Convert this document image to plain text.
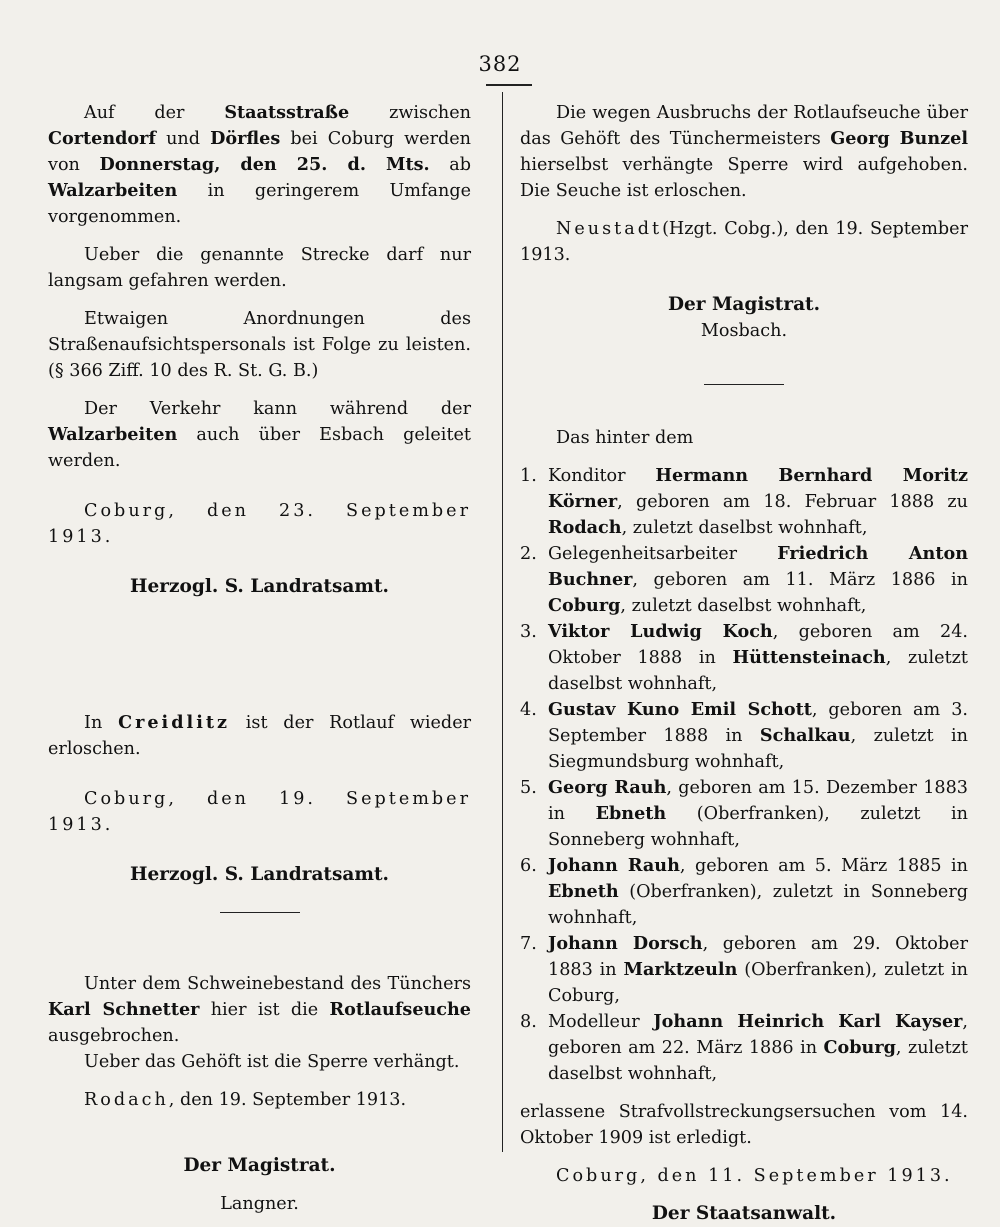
382

Auf der Staatsstraße zwischen Cortendorf und Dörfles bei Coburg werden von Donnerstag, den 25. d. Mts. ab Walzarbeiten in geringerem Umfange vorgenommen.

Ueber die genannte Strecke darf nur langsam gefahren werden.

Etwaigen Anordnungen des Straßenaufsichtspersonals ist Folge zu leisten. (§ 366 Ziff. 10 des R. St. G. B.)

Der Verkehr kann während der Walzarbeiten auch über Esbach geleitet werden.

Coburg, den 23. September 1913.

Herzogl. S. Landratsamt.

In Creidlitz ist der Rotlauf wieder erloschen.

Coburg, den 19. September 1913.

Herzogl. S. Landratsamt.

Unter dem Schweinebestand des Tünchers Karl Schnetter hier ist die Rotlaufseuche ausgebrochen.

Ueber das Gehöft ist die Sperre verhängt.

Rodach, den 19. September 1913.

Der Magistrat.

Langner.

Die wegen Ausbruchs der Rotlaufseuche über das Gehöft des Tünchermeisters Georg Bunzel hierselbst verhängte Sperre wird aufgehoben. Die Seuche ist erloschen.

Neustadt(Hzgt. Cobg.), den 19. September 1913.

Der Magistrat.

Mosbach.

Das hinter dem

1. Konditor Hermann Bernhard Moritz Körner, geboren am 18. Februar 1888 zu Rodach, zuletzt daselbst wohnhaft,
2. Gelegenheitsarbeiter Friedrich Anton Buchner, geboren am 11. März 1886 in Coburg, zuletzt daselbst wohnhaft,
3. Viktor Ludwig Koch, geboren am 24. Oktober 1888 in Hüttensteinach, zuletzt daselbst wohnhaft,
4. Gustav Kuno Emil Schott, geboren am 3. September 1888 in Schalkau, zuletzt in Siegmundsburg wohnhaft,
5. Georg Rauh, geboren am 15. Dezember 1883 in Ebneth (Oberfranken), zuletzt in Sonneberg wohnhaft,
6. Johann Rauh, geboren am 5. März 1885 in Ebneth (Oberfranken), zuletzt in Sonneberg wohnhaft,
7. Johann Dorsch, geboren am 29. Oktober 1883 in Marktzeuln (Oberfranken), zuletzt in Coburg,
8. Modelleur Johann Heinrich Karl Kayser, geboren am 22. März 1886 in Coburg, zuletzt daselbst wohnhaft,

erlassene Strafvollstreckungsersuchen vom 14. Oktober 1909 ist erledigt.

Coburg, den 11. September 1913.

Der Staatsanwalt.
